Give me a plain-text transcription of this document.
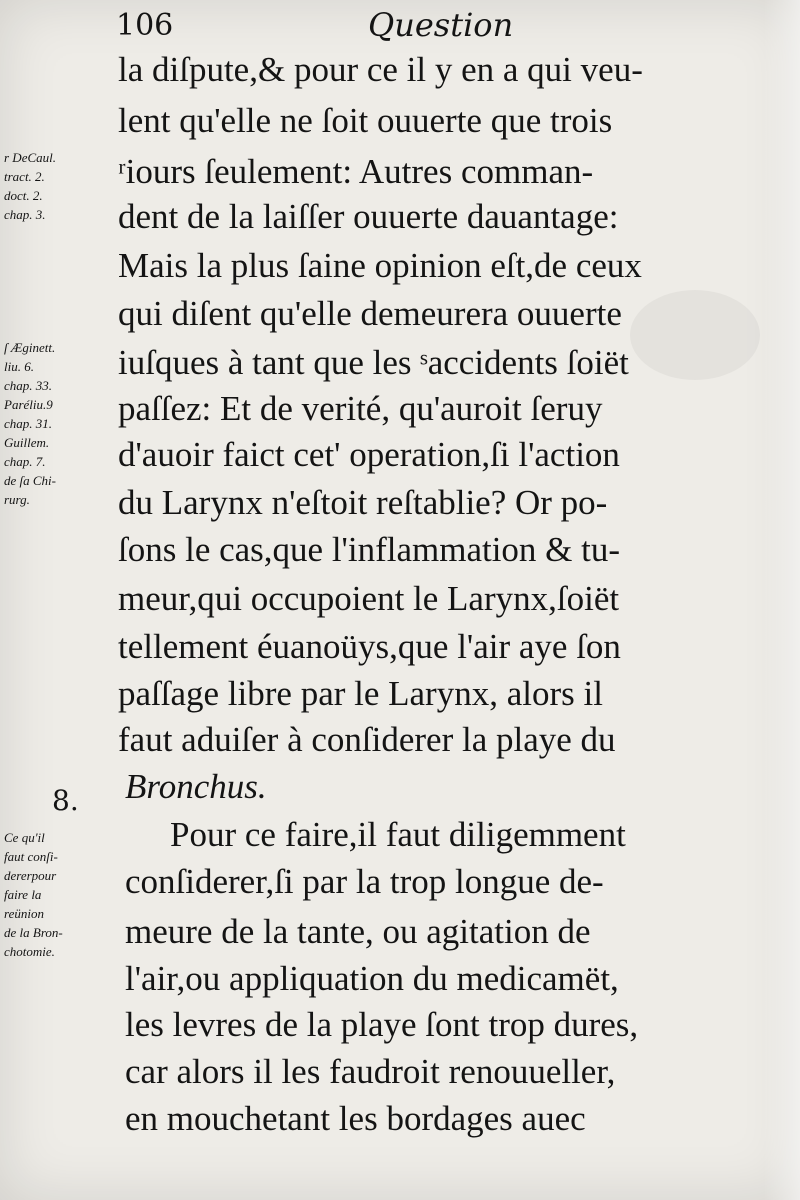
106	Question
la diſpute,& pour ce il y en a qui veu-
lent qu'elle ne ſoit ouuerte que trois
ʳiours ſeulement: Autres comman-
dent de la laiſſer ouuerte dauantage:
Mais la plus ſaine opinion eſt,de ceux
qui diſent qu'elle demeurera ouuerte
iuſques à tant que les ˢaccidents ſoiët
paſſez: Et de verité, qu'auroit ſeruy
d'auoir faict cet' operation,ſi l'action
du Larynx n'eſtoit reſtablie? Or po-
ſons le cas,que l'inflammation & tu-
meur,qui occupoient le Larynx,ſoiët
tellement éuanoüys,que l'air aye ſon
paſſage libre par le Larynx, alors il
faut aduiſer à conſiderer la playe du
Bronchus.
Pour ce faire,il faut diligemment
conſiderer,ſi par la trop longue de-
meure de la tante, ou agitation de
l'air,ou appliquation du medicamët,
les levres de la playe ſont trop dures,
car alors il les faudroit renouueller,
en mouchetant les bordages auec
r DeCaul.
tract. 2.
doct. 2.
chap. 3.
ſ Æginett.
liu. 6.
chap. 33.
Paréliu.9
chap. 31.
Guillem.
chap. 7.
de ſa Chi-
rurg.
8.
Ce qu'il
faut conſi-
dererpour
faire la
reünion
de la Bron-
chotomie.
